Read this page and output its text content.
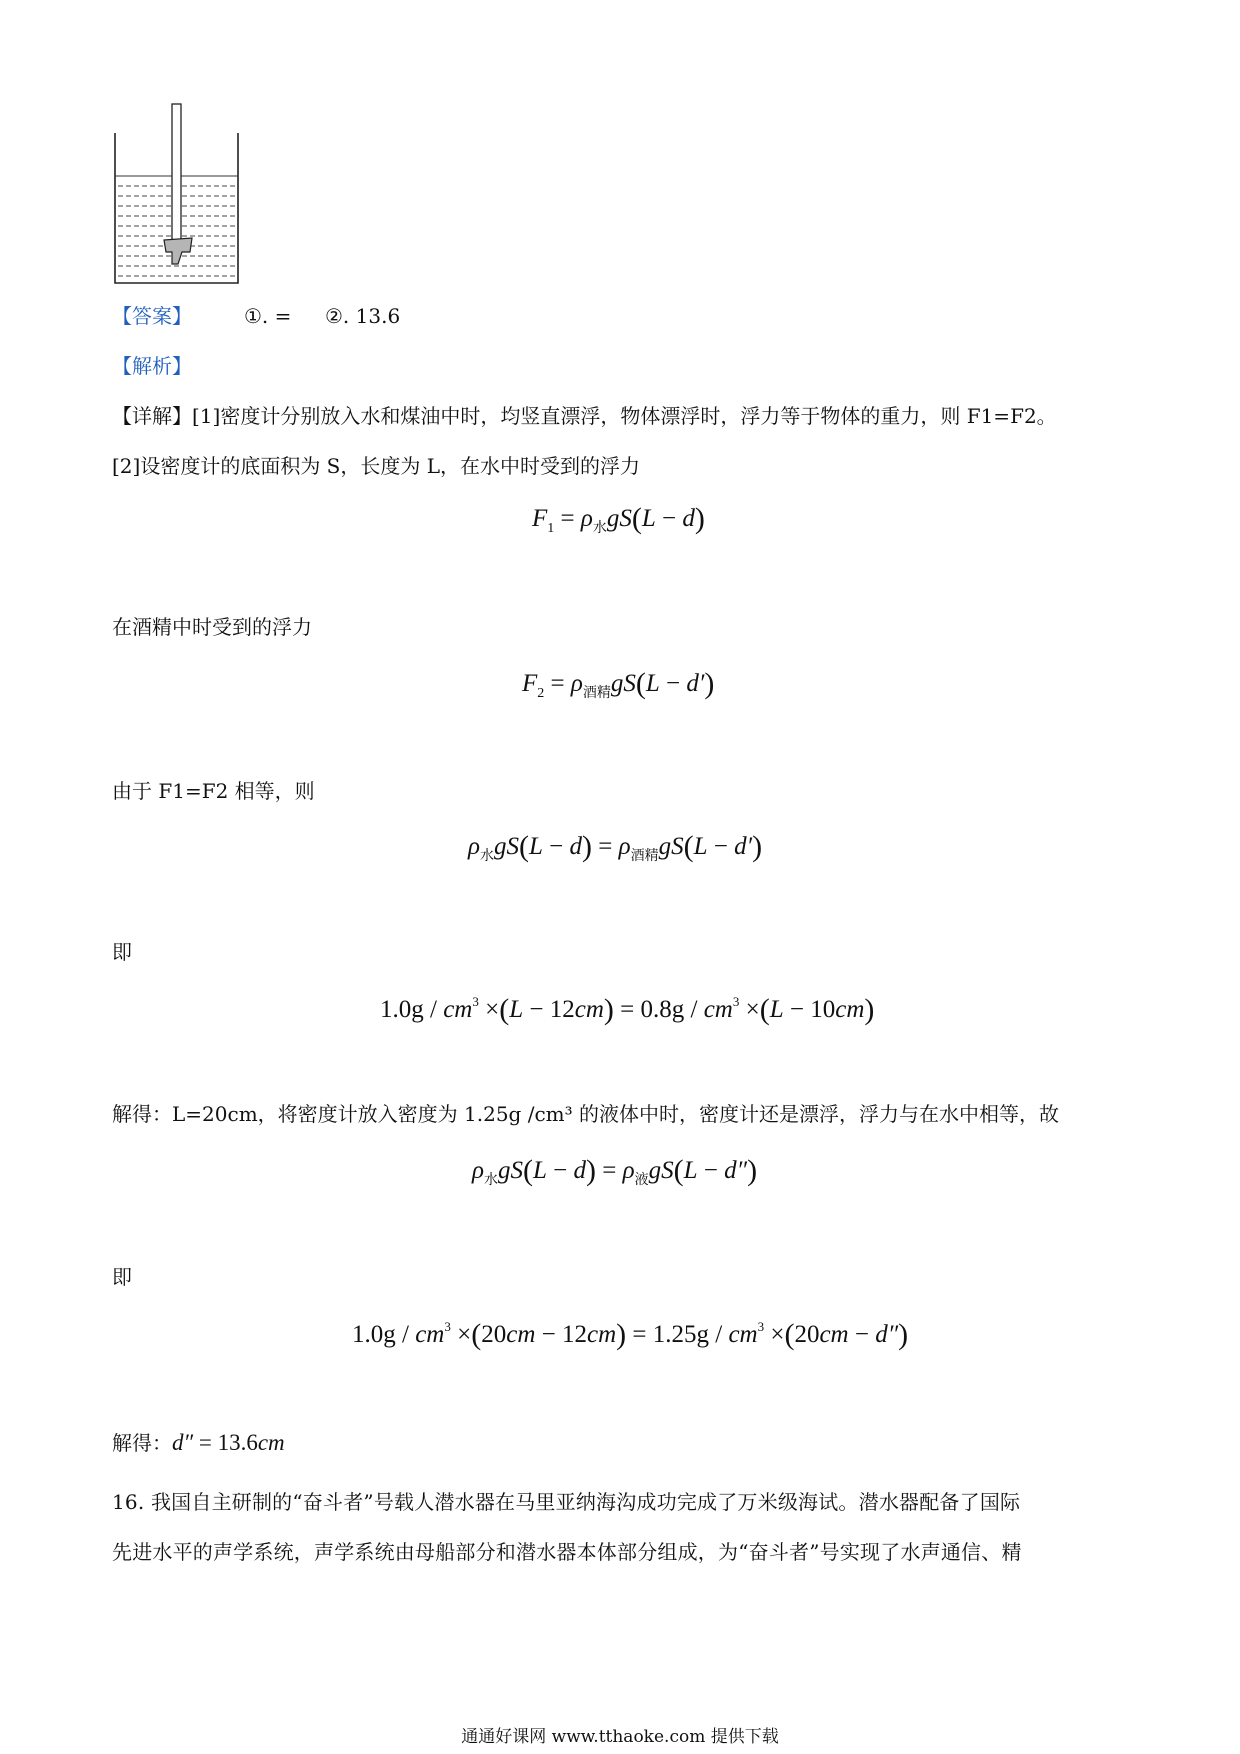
【答案】	①. = ②. 13.6
【解析】
【详解】[1]密度计分别放入水和煤油中时，均竖直漂浮，物体漂浮时，浮力等于物体的重力，则 F1=F2。
[2]设密度计的底面积为 S，长度为 L，在水中时受到的浮力
$F_1 = \rho_水gS(L - d)$
在酒精中时受到的浮力
$F_2 = \rho_{酒精}gS(L - d')$
由于 F1=F2 相等，则
$\rho_水gS(L - d) = \rho_{酒精}gS(L - d')$
即
$1.0g / cm^3 \times(L - 12cm) = 0.8g / cm^3 \times(L - 10cm)$
解得：L=20cm，将密度计放入密度为 1.25g /cm³ 的液体中时，密度计还是漂浮，浮力与在水中相等，故
$\rho_水gS(L - d) = \rho_液gS(L - d'')$
即
$1.0g / cm^3 \times(20cm - 12cm) = 1.25g / cm^3 \times(20cm - d'')$
解得：d″ = 13.6cm
16. 我国自主研制的“奋斗者”号载人潜水器在马里亚纳海沟成功完成了万米级海试。潜水器配备了国际
先进水平的声学系统，声学系统由母船部分和潜水器本体部分组成，为“奋斗者”号实现了水声通信、精
通通好课网 www.tthaoke.com 提供下载
